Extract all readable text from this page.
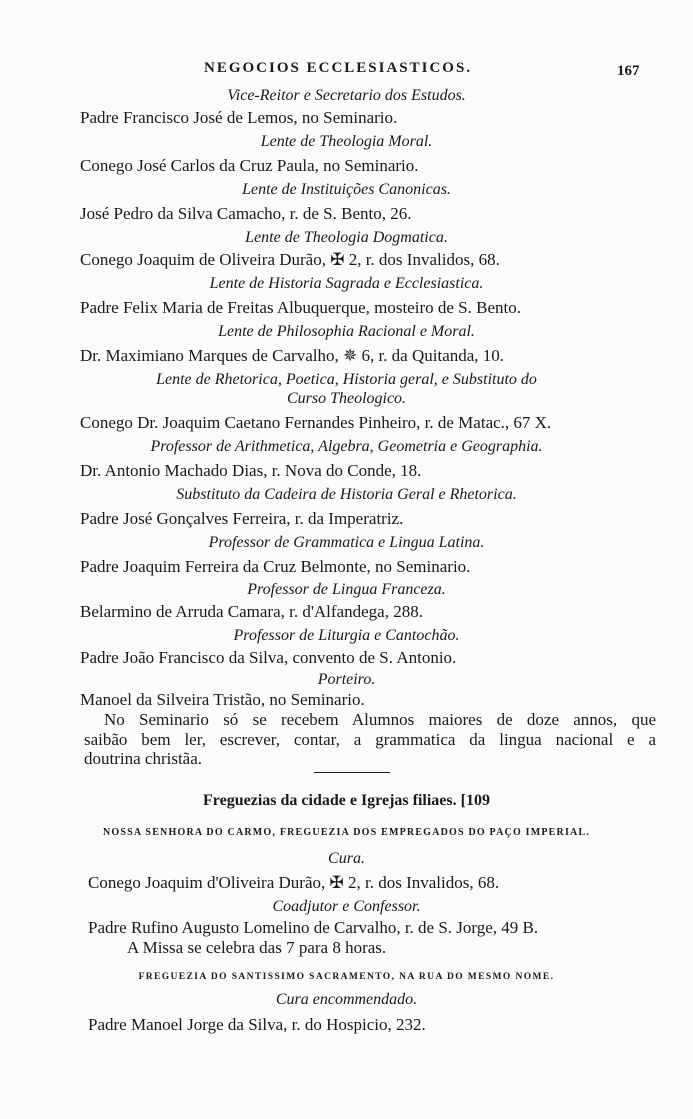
NEGOCIOS ECCLESIASTICOS.	167
Vice-Reitor e Secretario dos Estudos.
Padre Francisco José de Lemos, no Seminario.
Lente de Theologia Moral.
Conego José Carlos da Cruz Paula, no Seminario.
Lente de Instituições Canonicas.
José Pedro da Silva Camacho, r. de S. Bento, 26.
Lente de Theologia Dogmatica.
Conego Joaquim de Oliveira Durão, ✠ 2, r. dos Invalidos, 68.
Lente de Historia Sagrada e Ecclesiastica.
Padre Felix Maria de Freitas Albuquerque, mosteiro de S. Bento.
Lente de Philosophia Racional e Moral.
Dr. Maximiano Marques de Carvalho, ✵ 6, r. da Quitanda, 10.
Lente de Rhetorica, Poetica, Historia geral, e Substituto do
Curso Theologico.
Conego Dr. Joaquim Caetano Fernandes Pinheiro, r. de Matac., 67 X.
Professor de Arithmetica, Algebra, Geometria e Geographia.
Dr. Antonio Machado Dias, r. Nova do Conde, 18.
Substituto da Cadeira de Historia Geral e Rhetorica.
Padre José Gonçalves Ferreira, r. da Imperatriz.
Professor de Grammatica e Lingua Latina.
Padre Joaquim Ferreira da Cruz Belmonte, no Seminario.
Professor de Lingua Franceza.
Belarmino de Arruda Camara, r. d'Alfandega, 288.
Professor de Liturgia e Cantochão.
Padre João Francisco da Silva, convento de S. Antonio.
Porteiro.
Manoel da Silveira Tristão, no Seminario.
No Seminario só se recebem Alumnos maiores de doze annos, que
saibão bem ler, escrever, contar, a grammatica da lingua nacional e a
doutrina christãa.
Freguezias da cidade e Igrejas filiaes. [109
NOSSA SENHORA DO CARMO, FREGUEZIA DOS EMPREGADOS DO PAÇO IMPERIAL.
Cura.
Conego Joaquim d'Oliveira Durão, ✠ 2, r. dos Invalidos, 68.
Coadjutor e Confessor.
Padre Rufino Augusto Lomelino de Carvalho, r. de S. Jorge, 49 B.
A Missa se celebra das 7 para 8 horas.
FREGUEZIA DO SANTISSIMO SACRAMENTO, NA RUA DO MESMO NOME.
Cura encommendado.
Padre Manoel Jorge da Silva, r. do Hospicio, 232.
